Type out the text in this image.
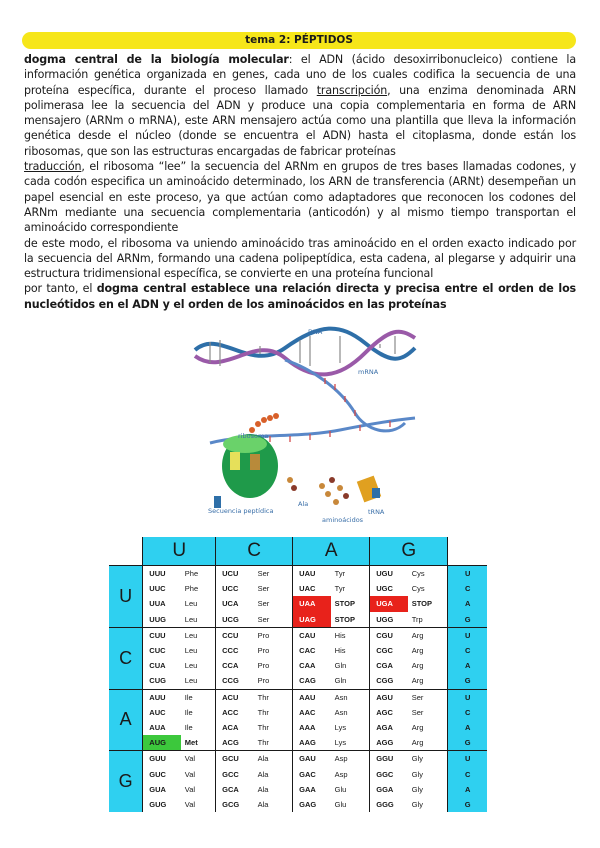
tema 2: PÉPTIDOS

dogma central de la biología molecular: el ADN (ácido desoxirribonucleico) contiene la información genética organizada en genes, cada uno de los cuales codifica la secuencia de una proteína específica, durante el proceso llamado transcripción, una enzima denominada ARN polimerasa lee la secuencia del ADN y produce una copia complementaria en forma de ARN mensajero (ARNm o mRNA), este ARN mensajero actúa como una plantilla que lleva la información genética desde el núcleo (donde se encuentra el ADN) hasta el citoplasma, donde están los ribosomas, que son las estructuras encargadas de fabricar proteínas

traducción, el ribosoma “lee” la secuencia del ARNm en grupos de tres bases llamadas codones, y cada codón especifica un aminoácido determinado, los ARN de transferencia (ARNt) desempeñan un papel esencial en este proceso, ya que actúan como adaptadores que reconocen los codones del ARNm mediante una secuencia complementaria (anticodón) y al mismo tiempo transportan el aminoácido correspondiente

de este modo, el ribosoma va uniendo aminoácido tras aminoácido en el orden exacto indicado por la secuencia del ARNm, formando una cadena polipeptídica, esta cadena, al plegarse y adquirir una estructura tridimensional específica, se convierte en una proteína funcional

por tanto, el dogma central establece una relación directa y precisa entre el orden de los nucleótidos en el ADN y el orden de los aminoácidos en las proteínas

DNA
mRNA
ribosoma
Secuencia peptídica
Ala
tRNA
aminoácidos
	U		C		A		G		
U	UUU	Phe	UCU	Ser	UAU	Tyr	UGU	Cys	U
	UUC	Phe	UCC	Ser	UAC	Tyr	UGC	Cys	C
	UUA	Leu	UCA	Ser	UAA	STOP	UGA	STOP	A
	UUG	Leu	UCG	Ser	UAG	STOP	UGG	Trp	G
C	CUU	Leu	CCU	Pro	CAU	His	CGU	Arg	U
	CUC	Leu	CCC	Pro	CAC	His	CGC	Arg	C
	CUA	Leu	CCA	Pro	CAA	Gln	CGA	Arg	A
	CUG	Leu	CCG	Pro	CAG	Gln	CGG	Arg	G
A	AUU	Ile	ACU	Thr	AAU	Asn	AGU	Ser	U
	AUC	Ile	ACC	Thr	AAC	Asn	AGC	Ser	C
	AUA	Ile	ACA	Thr	AAA	Lys	AGA	Arg	A
	AUG	Met	ACG	Thr	AAG	Lys	AGG	Arg	G
G	GUU	Val	GCU	Ala	GAU	Asp	GGU	Gly	U
	GUC	Val	GCC	Ala	GAC	Asp	GGC	Gly	C
	GUA	Val	GCA	Ala	GAA	Glu	GGA	Gly	A
	GUG	Val	GCG	Ala	GAG	Glu	GGG	Gly	G
